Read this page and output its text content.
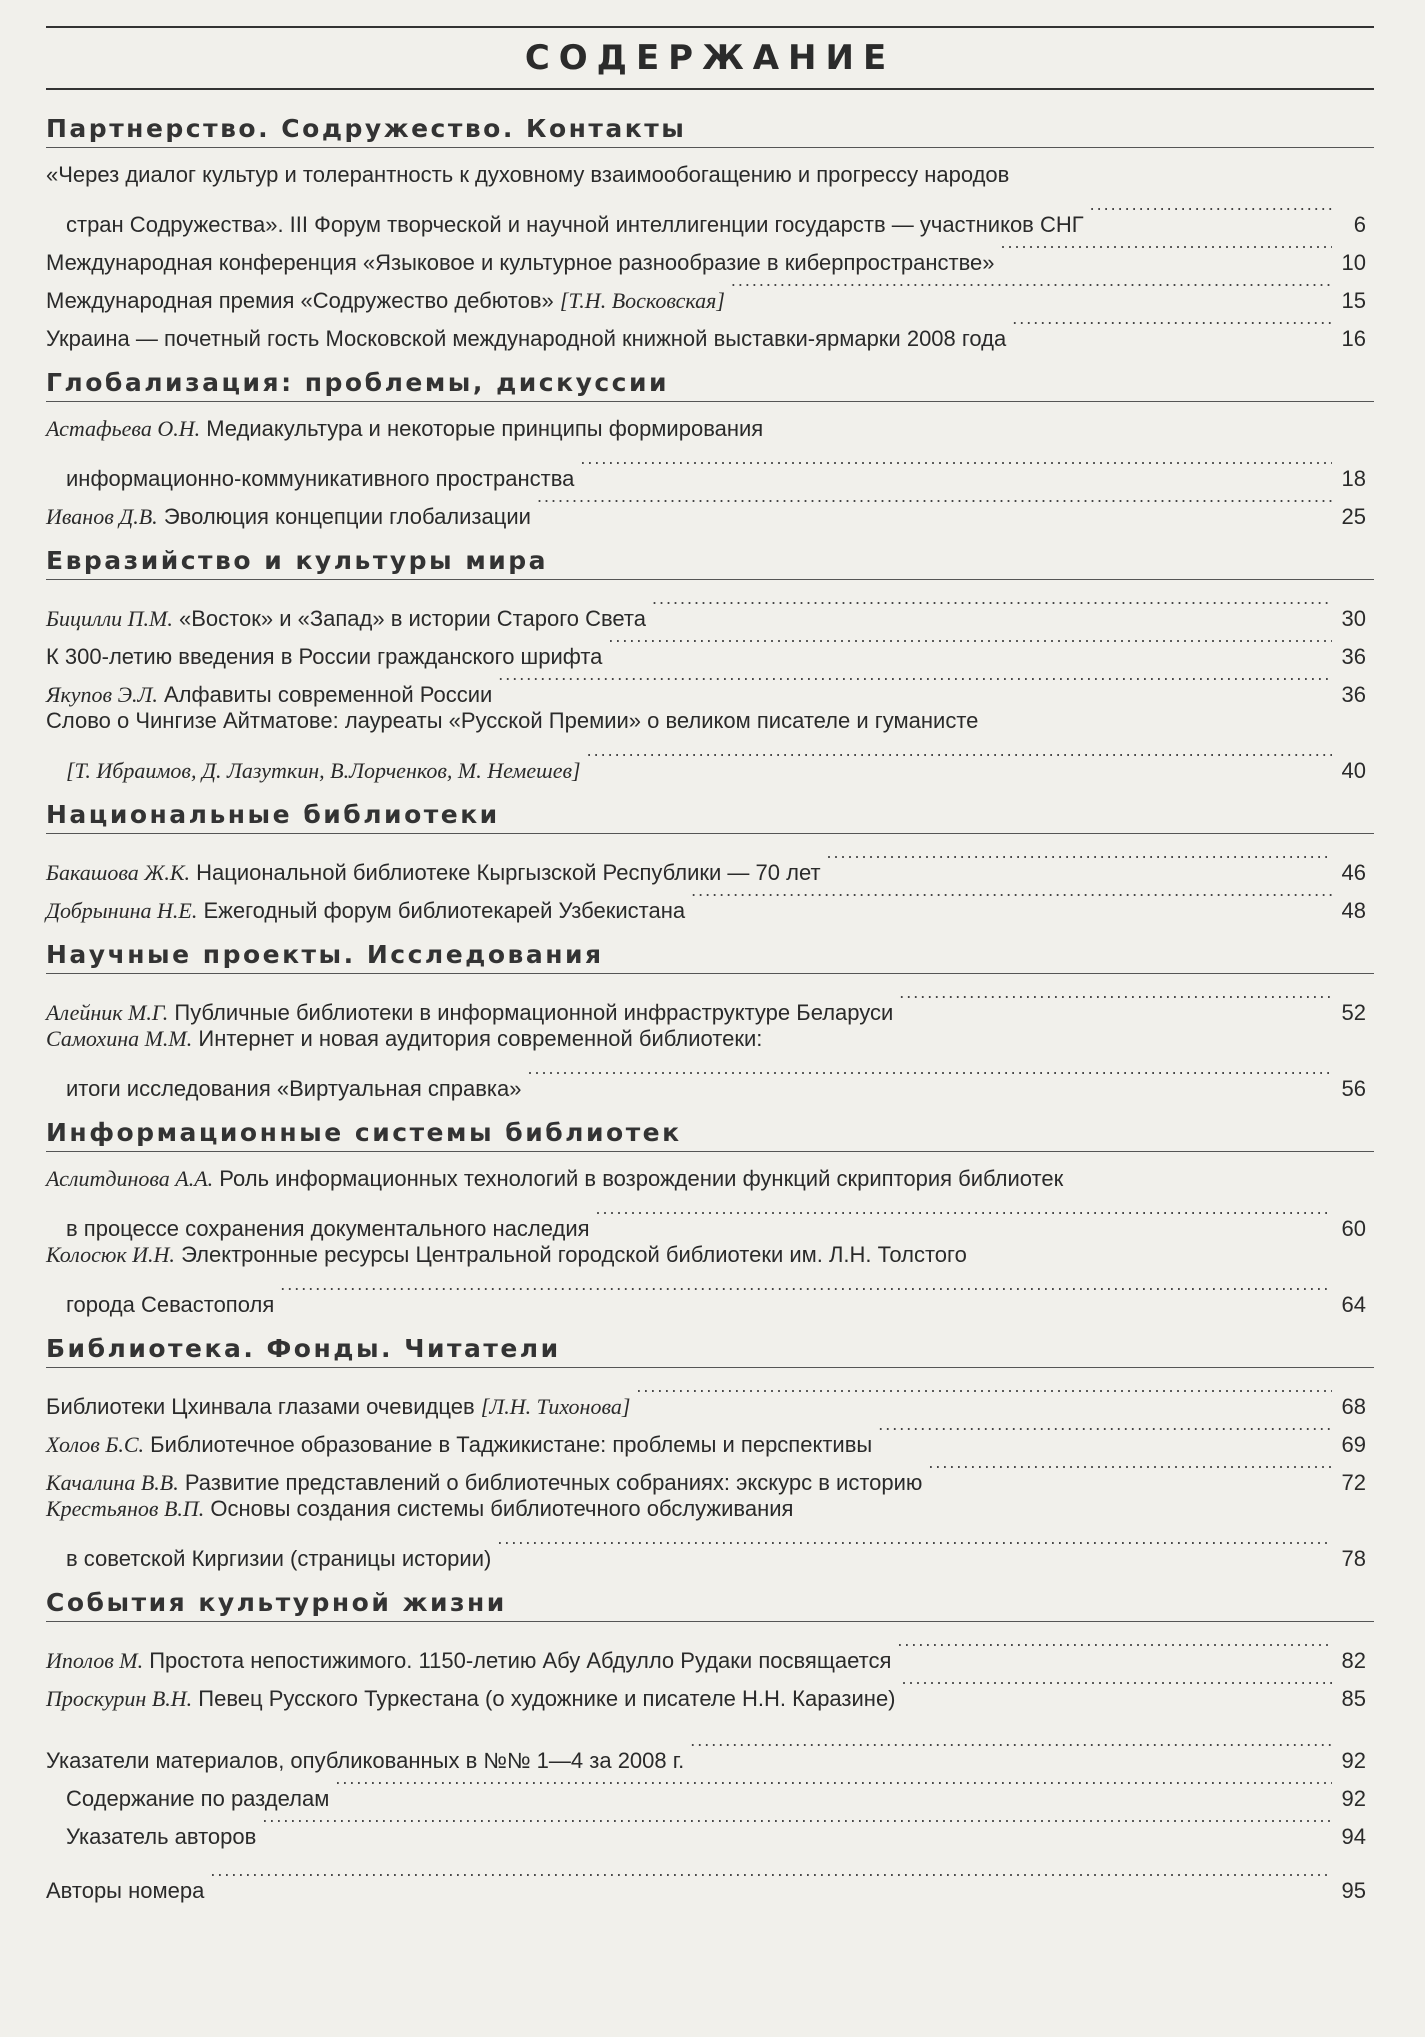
СОДЕРЖАНИЕ
Партнерство. Содружество. Контакты
«Через диалог культур и толерантность к духовному взаимообогащению и прогрессу народов
стран Содружества». III Форум творческой и научной интеллигенции государств — участников СНГ .....	6
Международная конференция «Языковое и культурное разнообразие в киберпространстве» .....	10
Международная премия «Содружество дебютов» [Т.Н. Восковская] .....	15
Украина — почетный гость Московской международной книжной выставки-ярмарки 2008 года .....	16
Глобализация: проблемы, дискуссии
Астафьева О.Н. Медиакультура и некоторые принципы формирования
информационно-коммуникативного пространства .....	18
Иванов Д.В. Эволюция концепции глобализации .....	25
Евразийство и культуры мира
Бицилли П.М. «Восток» и «Запад» в истории Старого Света .....	30
К 300-летию введения в России гражданского шрифта .....	36
Якупов Э.Л. Алфавиты современной России .....	36
Слово о Чингизе Айтматове: лауреаты «Русской Премии» о великом писателе и гуманисте
[Т. Ибраимов, Д. Лазуткин, В.Лорченков, М. Немешев] .....	40
Национальные библиотеки
Бакашова Ж.К. Национальной библиотеке Кыргызской Республики — 70 лет .....	46
Добрынина Н.Е. Ежегодный форум библиотекарей Узбекистана .....	48
Научные проекты. Исследования
Алейник М.Г. Публичные библиотеки в информационной инфраструктуре Беларуси .....	52
Самохина М.М. Интернет и новая аудитория современной библиотеки:
итоги исследования «Виртуальная справка» .....	56
Информационные системы библиотек
Аслитдинова А.А. Роль информационных технологий в возрождении функций скриптория библиотек
в процессе сохранения документального наследия .....	60
Колосюк И.Н. Электронные ресурсы Центральной городской библиотеки им. Л.Н. Толстого
города Севастополя .....	64
Библиотека. Фонды. Читатели
Библиотеки Цхинвала глазами очевидцев [Л.Н. Тихонова] .....	68
Холов Б.С. Библиотечное образование в Таджикистане: проблемы и перспективы .....	69
Качалина В.В. Развитие представлений о библиотечных собраниях: экскурс в историю .....	72
Крестьянов В.П. Основы создания системы библиотечного обслуживания
в советской Киргизии (страницы истории) .....	78
События культурной жизни
Иполов М. Простота непостижимого. 1150-летию Абу Абдулло Рудаки посвящается .....	82
Проскурин В.Н. Певец Русского Туркестана (о художнике и писателе Н.Н. Каразине) .....	85
Указатели материалов, опубликованных в №№ 1—4 за 2008 г. .....	92
Содержание по разделам .....	92
Указатель авторов .....	94
Авторы номера .....	95
